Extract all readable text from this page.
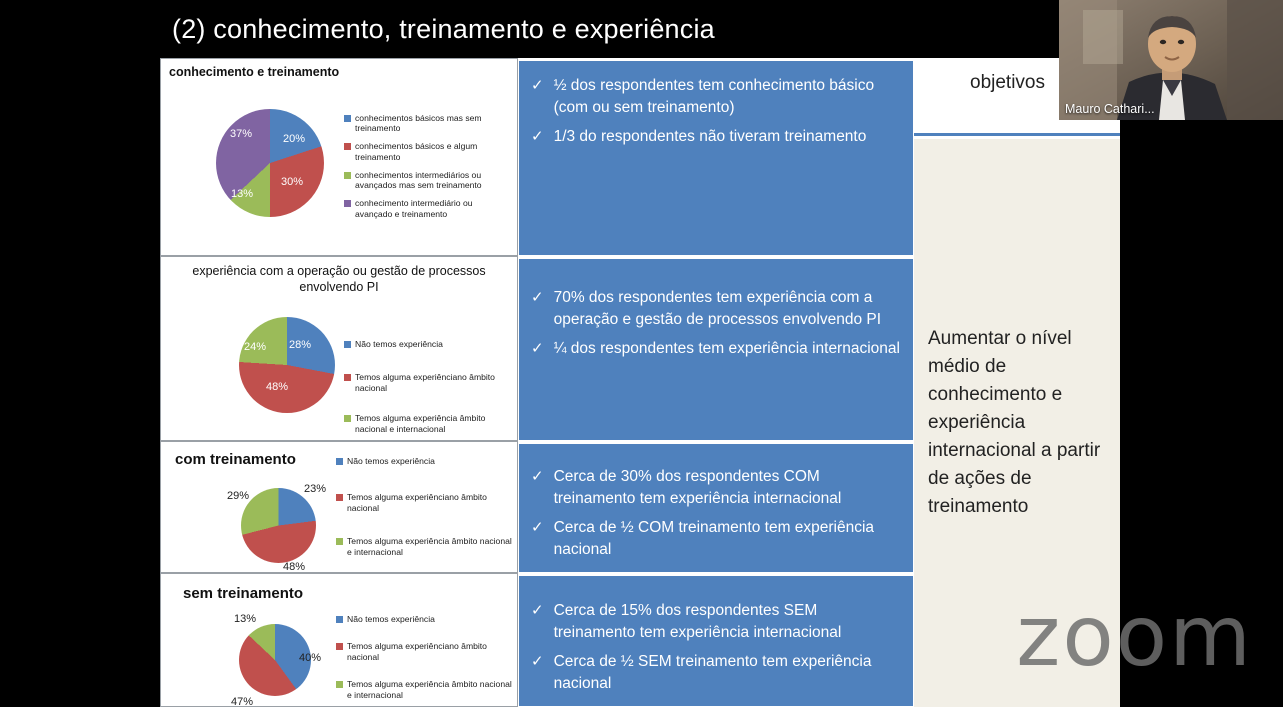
(2) conhecimento, treinamento e experiência
conhecimento e treinamento
20%
30%
13%
37%
conhecimentos básicos mas sem treinamento
conhecimentos básicos e algum treinamento
conhecimentos intermediários ou avançados mas sem treinamento
conhecimento intermediário ou avançado e treinamento
✓ ½ dos respondentes tem conhecimento básico (com ou sem treinamento)
✓ 1/3 do respondentes não tiveram treinamento
experiência com a operação ou gestão de processos envolvendo PI
28%
48%
24%	Não temos experiência
Temos alguma experiênciano âmbito nacional
Temos alguma experiência âmbito nacional e internacional
✓ 70% dos respondentes tem experiência com a operação e gestão de processos envolvendo PI
✓ ¼ dos respondentes tem experiência internacional
com treinamento
23%
48%
29%
Não temos experiência
Temos alguma experiênciano âmbito nacional
Temos alguma experiência âmbito nacional e internacional
✓ Cerca de 30% dos respondentes COM treinamento tem experiência internacional
✓ Cerca de ½ COM treinamento tem experiência nacional
sem treinamento
40%
47%
13%	Não temos experiência
Temos alguma experiênciano âmbito nacional
Temos alguma experiência âmbito nacional e internacional
✓ Cerca de 15% dos respondentes SEM treinamento tem experiência internacional
✓ Cerca de ½ SEM treinamento tem experiência nacional
objetivos
Aumentar o nível médio de conhecimento e experiência internacional a partir de ações de treinamento
zoom
Mauro Cathari...
